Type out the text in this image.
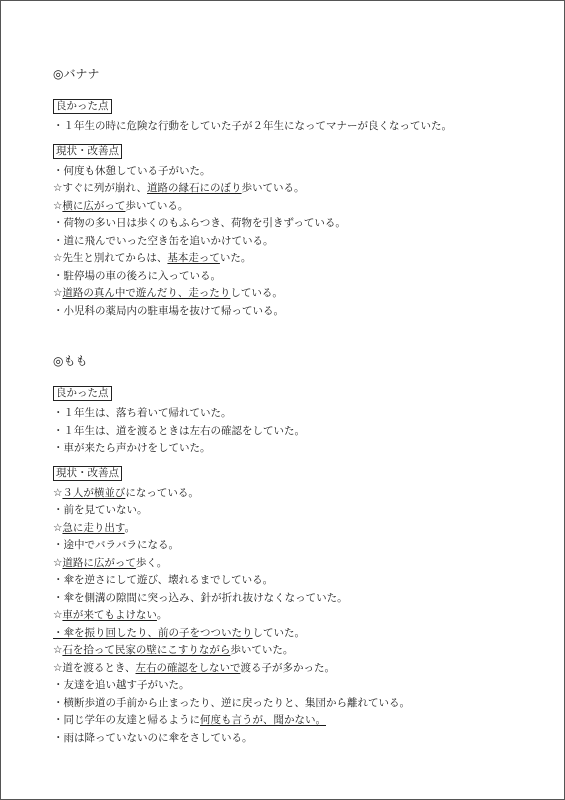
◎バナナ

良かった点
・１年生の時に危険な行動をしていた子が２年生になってマナーが良くなっていた。
現状・改善点
・何度も休憩している子がいた。
☆すぐに列が崩れ、道路の縁石にのぼり歩いている。
☆横に広がって歩いている。
・荷物の多い日は歩くのもふらつき、荷物を引きずっている。
・道に飛んでいった空き缶を追いかけている。
☆先生と別れてからは、基本走っていた。
・駐停場の車の後ろに入っている。
☆道路の真ん中で遊んだり、走ったりしている。
・小児科の薬局内の駐車場を抜けて帰っている。

◎もも

良かった点
・１年生は、落ち着いて帰れていた。
・１年生は、道を渡るときは左右の確認をしていた。
・車が来たら声かけをしていた。
現状・改善点
☆３人が横並びになっている。
・前を見ていない。
☆急に走り出す。
・途中でバラバラになる。
☆道路に広がって歩く。
・傘を逆さにして遊び、壊れるまでしている。
・傘を側溝の隙間に突っ込み、針が折れ抜けなくなっていた。
☆車が来てもよけない。
・傘を振り回したり、前の子をつついたりしていた。
☆石を拾って民家の壁にこすりながら歩いていた。
☆道を渡るとき、左右の確認をしないで渡る子が多かった。
・友達を追い越す子がいた。
・横断歩道の手前から止まったり、逆に戻ったりと、集団から離れている。
・同じ学年の友達と帰るように何度も言うが、聞かない。
・雨は降っていないのに傘をさしている。
